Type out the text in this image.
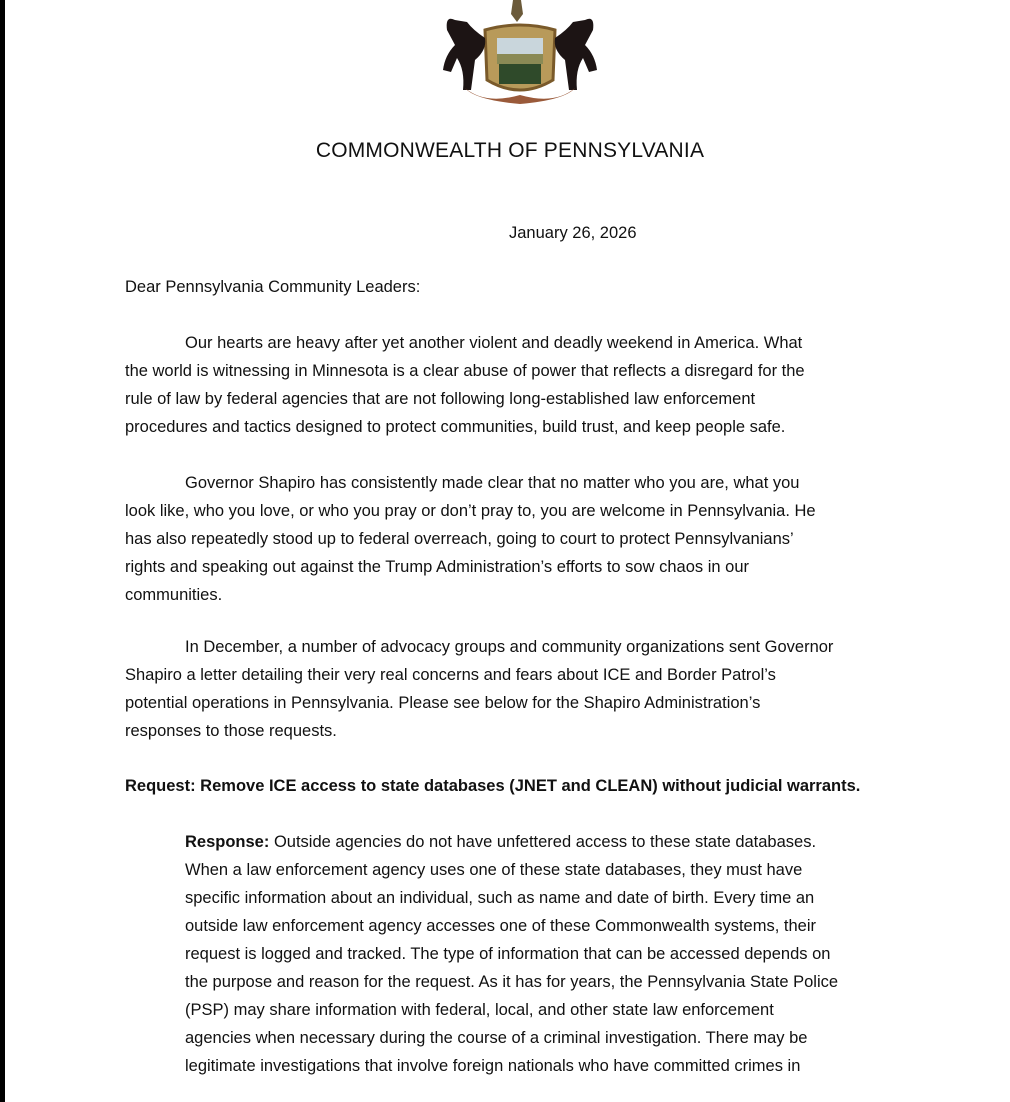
COMMONWEALTH OF PENNSYLVANIA
January 26, 2026
Dear Pennsylvania Community Leaders:
Our hearts are heavy after yet another violent and deadly weekend in America. What
the world is witnessing in Minnesota is a clear abuse of power that reflects a disregard for the
rule of law by federal agencies that are not following long-established law enforcement
procedures and tactics designed to protect communities, build trust, and keep people safe.
Governor Shapiro has consistently made clear that no matter who you are, what you
look like, who you love, or who you pray or don’t pray to, you are welcome in Pennsylvania. He
has also repeatedly stood up to federal overreach, going to court to protect Pennsylvanians’
rights and speaking out against the Trump Administration’s efforts to sow chaos in our
communities.
In December, a number of advocacy groups and community organizations sent Governor
Shapiro a letter detailing their very real concerns and fears about ICE and Border Patrol’s
potential operations in Pennsylvania. Please see below for the Shapiro Administration’s
responses to those requests.
Request: Remove ICE access to state databases (JNET and CLEAN) without judicial warrants.
Response: Outside agencies do not have unfettered access to these state databases.
When a law enforcement agency uses one of these state databases, they must have
specific information about an individual, such as name and date of birth. Every time an
outside law enforcement agency accesses one of these Commonwealth systems, their
request is logged and tracked. The type of information that can be accessed depends on
the purpose and reason for the request. As it has for years, the Pennsylvania State Police
(PSP) may share information with federal, local, and other state law enforcement
agencies when necessary during the course of a criminal investigation. There may be
legitimate investigations that involve foreign nationals who have committed crimes in
